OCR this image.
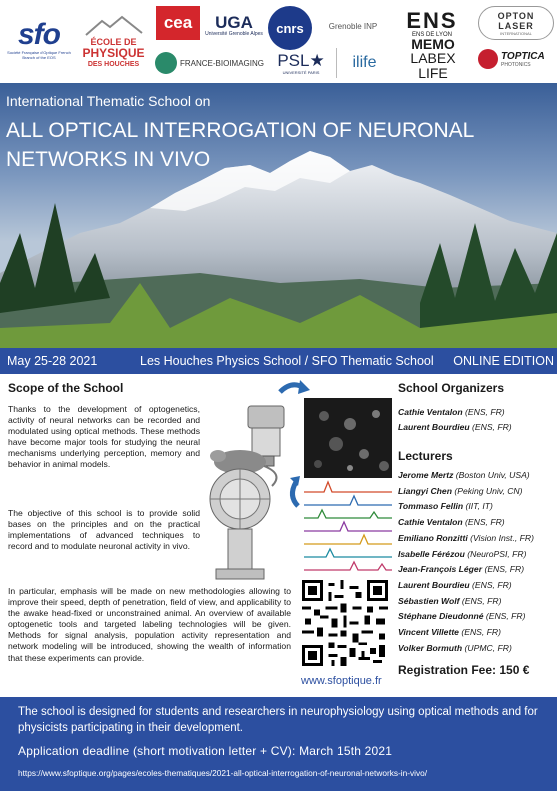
sfo
Société Française d'Optique French Branch of the EOS
ÉCOLE DE
PHYSIQUE
DES HOUCHES
cea	UGA
Université Grenoble Alpes	cnrs	Grenoble INP	ENS
ENS DE LYON
OPTON LASER
INTERNATIONAL
FRANCE-BIOIMAGING PSL★
UNIVERSITÉ PARIS
ilife
MEMO
LABEX LIFE
TOPTICA
PHOTONICS
International Thematic School on
ALL OPTICAL INTERROGATION OF NEURONAL NETWORKS IN VIVO
May 25-28 2021	Les Houches Physics School / SFO Thematic School ONLINE EDITION
Scope of the School

Thanks to the development of optogenetics, activity of neural networks can be recorded and modulated using optical methods. These methods have become major tools for studying the neural mechanisms underlying perception, memory and behavior in animal models.

The objective of this school is to provide solid bases on the principles and on the practical implementations of advanced techniques to record and to modulate neuronal activity in vivo.

In particular, emphasis will be made on new methodologies allowing to improve their speed, depth of penetration, field of view, and applicability to the awake head-fixed or unconstrained animal. An overview of available optogenetic tools and targeted labeling technologies will be given. Methods for signal analysis, population activity representation and network modeling will be introduced, showing the wealth of information that these experiments can provide.

www.sfoptique.fr
School Organizers
Cathie Ventalon (ENS, FR)
Laurent Bourdieu (ENS, FR)
Lecturers
Jerome Mertz (Boston Univ, USA)
Liangyi Chen (Peking Univ, CN)
Tommaso Fellin (IIT, IT)
Cathie Ventalon (ENS, FR)
Emiliano Ronzitti (Vision Inst., FR)
Isabelle Férézou (NeuroPSI, FR)
Jean-François Léger (ENS, FR)
Laurent Bourdieu (ENS, FR)
Sébastien Wolf (ENS, FR)
Stéphane Dieudonné (ENS, FR)
Vincent Villette (ENS, FR)
Volker Bormuth (UPMC, FR)
Registration Fee: 150 €
The school is designed for students and researchers in neurophysiology using optical methods and for physicists participating in their development.
Application deadline (short motivation letter + CV): March 15th 2021
https://www.sfoptique.org/pages/ecoles-thematiques/2021-all-optical-interrogation-of-neuronal-networks-in-vivo/
